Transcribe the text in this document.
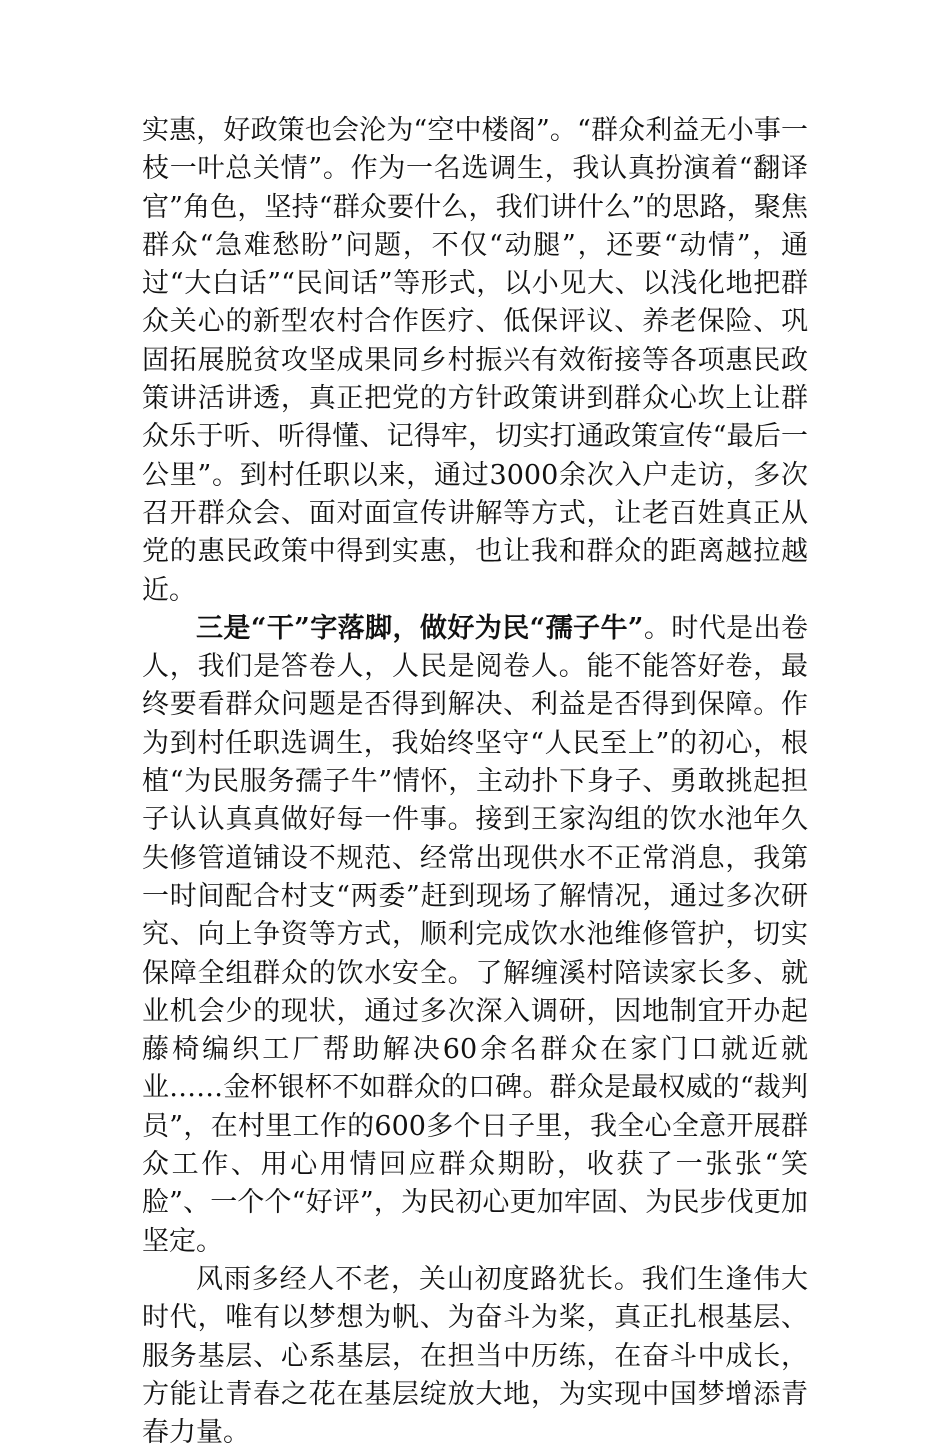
实惠，好政策也会沦为“空中楼阁”。“群众利益无小事一枝一叶总关情”。作为一名选调生，我认真扮演着“翻译官”角色，坚持“群众要什么，我们讲什么”的思路，聚焦群众“急难愁盼”问题，不仅“动腿”，还要“动情”，通过“大白话”“民间话”等形式，以小见大、以浅化地把群众关心的新型农村合作医疗、低保评议、养老保险、巩固拓展脱贫攻坚成果同乡村振兴有效衔接等各项惠民政策讲活讲透，真正把党的方针政策讲到群众心坎上让群众乐于听、听得懂、记得牢，切实打通政策宣传“最后一公里”。到村任职以来，通过3000余次入户走访，多次召开群众会、面对面宣传讲解等方式，让老百姓真正从党的惠民政策中得到实惠，也让我和群众的距离越拉越近。

三是“干”字落脚，做好为民“孺子牛”。时代是出卷人，我们是答卷人，人民是阅卷人。能不能答好卷，最终要看群众问题是否得到解决、利益是否得到保障。作为到村任职选调生，我始终坚守“人民至上”的初心，根植“为民服务孺子牛”情怀，主动扑下身子、勇敢挑起担子认认真真做好每一件事。接到王家沟组的饮水池年久失修管道铺设不规范、经常出现供水不正常消息，我第一时间配合村支“两委”赶到现场了解情况，通过多次研究、向上争资等方式，顺利完成饮水池维修管护，切实保障全组群众的饮水安全。了解缠溪村陪读家长多、就业机会少的现状，通过多次深入调研，因地制宜开办起藤椅编织工厂帮助解决60余名群众在家门口就近就业……金杯银杯不如群众的口碑。群众是最权威的“裁判员”，在村里工作的600多个日子里，我全心全意开展群众工作、用心用情回应群众期盼，收获了一张张“笑脸”、一个个“好评”，为民初心更加牢固、为民步伐更加坚定。

风雨多经人不老，关山初度路犹长。我们生逢伟大时代，唯有以梦想为帆、为奋斗为桨，真正扎根基层、服务基层、心系基层，在担当中历练，在奋斗中成长，方能让青春之花在基层绽放大地，为实现中国梦增添青春力量。
